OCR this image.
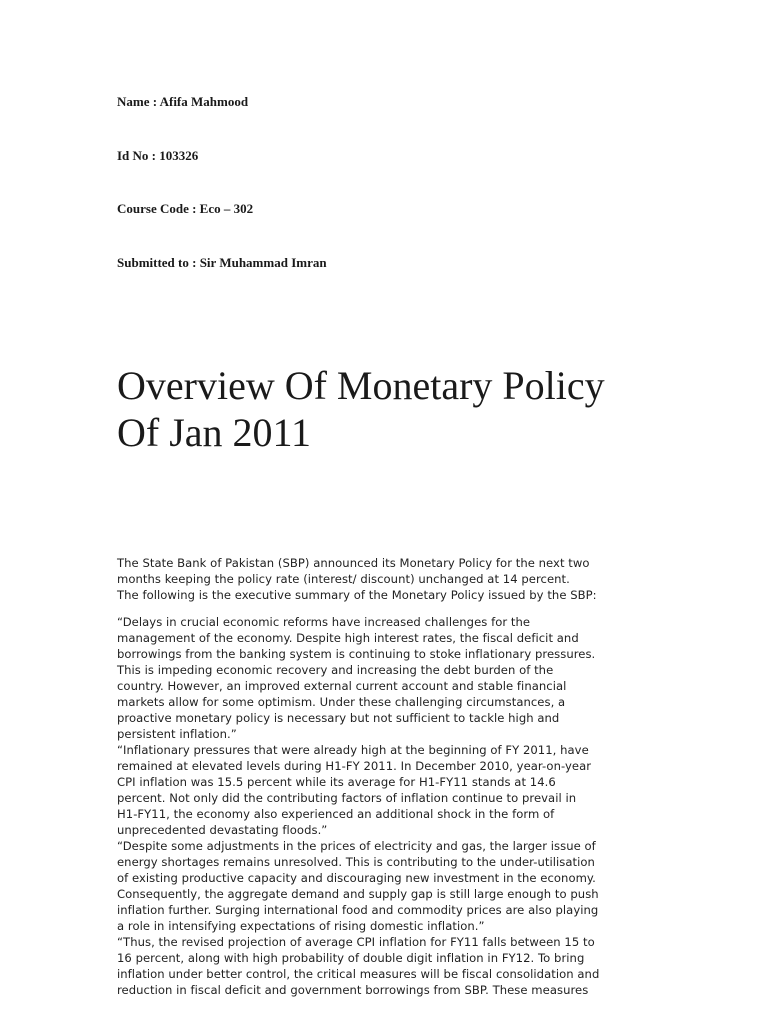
Name : Afifa Mahmood
Id No : 103326
Course Code : Eco – 302
Submitted to : Sir Muhammad Imran
Overview Of Monetary Policy
Of Jan 2011
The State Bank of Pakistan (SBP) announced its Monetary Policy for the next two
months keeping the policy rate (interest/ discount) unchanged at 14 percent.
The following is the executive summary of the Monetary Policy issued by the SBP:
“Delays in crucial economic reforms have increased challenges for the
management of the economy. Despite high interest rates, the fiscal deficit and
borrowings from the banking system is continuing to stoke inflationary pressures.
This is impeding economic recovery and increasing the debt burden of the
country. However, an improved external current account and stable financial
markets allow for some optimism. Under these challenging circumstances, a
proactive monetary policy is necessary but not sufficient to tackle high and
persistent inflation.”
“Inflationary pressures that were already high at the beginning of FY 2011, have
remained at elevated levels during H1-FY 2011. In December 2010, year-on-year
CPI inflation was 15.5 percent while its average for H1-FY11 stands at 14.6
percent. Not only did the contributing factors of inflation continue to prevail in
H1-FY11, the economy also experienced an additional shock in the form of
unprecedented devastating floods.”
“Despite some adjustments in the prices of electricity and gas, the larger issue of
energy shortages remains unresolved. This is contributing to the under-utilisation
of existing productive capacity and discouraging new investment in the economy.
Consequently, the aggregate demand and supply gap is still large enough to push
inflation further. Surging international food and commodity prices are also playing
a role in intensifying expectations of rising domestic inflation.”
“Thus, the revised projection of average CPI inflation for FY11 falls between 15 to
16 percent, along with high probability of double digit inflation in FY12. To bring
inflation under better control, the critical measures will be fiscal consolidation and
reduction in fiscal deficit and government borrowings from SBP. These measures
